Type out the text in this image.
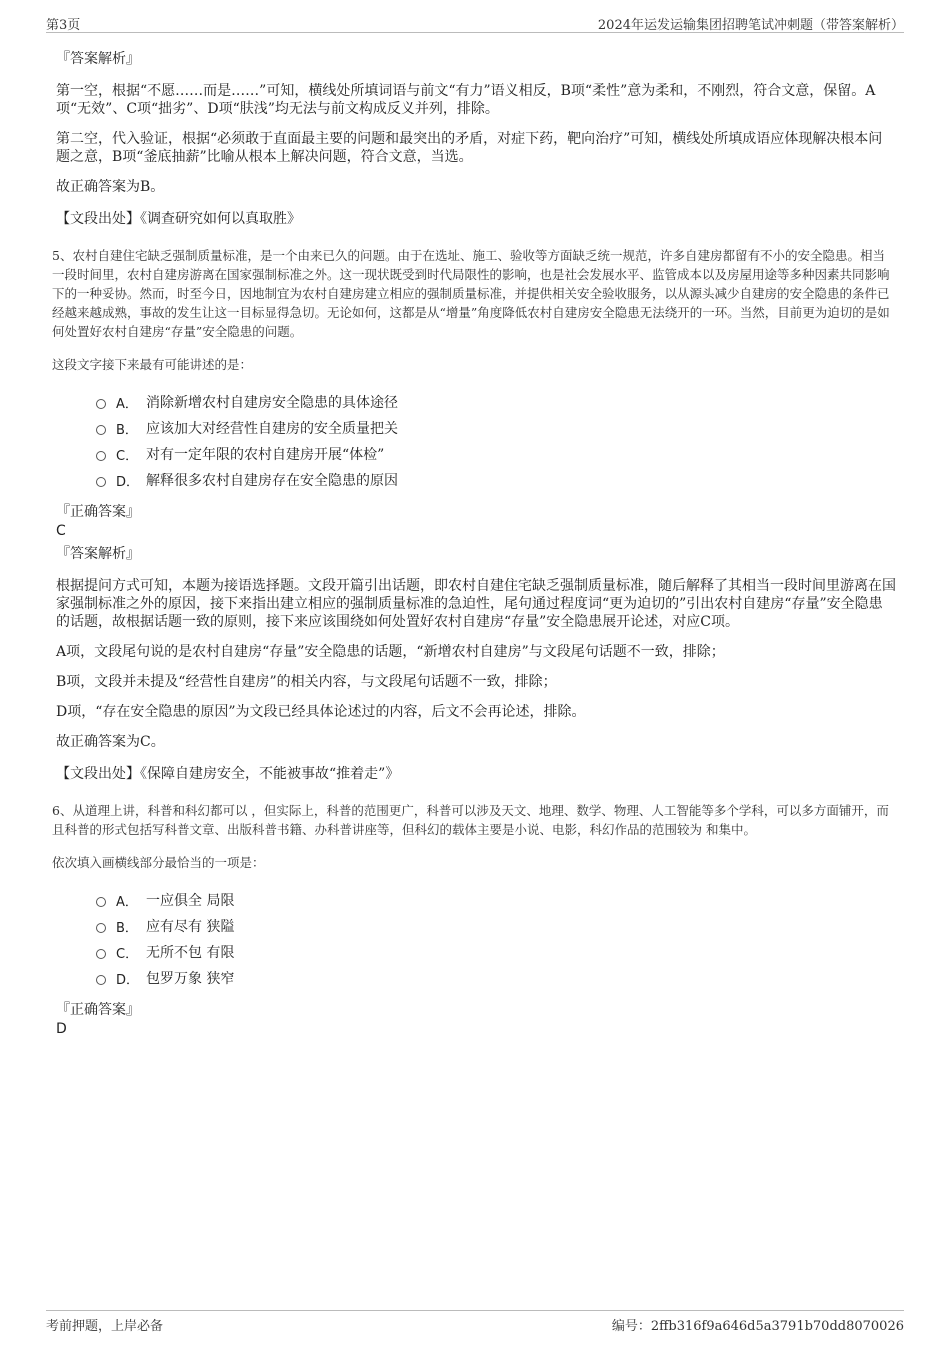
第3页	2024年运发运输集团招聘笔试冲刺题（带答案解析）
『答案解析』

第一空，根据“不愿……而是……”可知，横线处所填词语与前文“有力”语义相反，B项“柔性”意为柔和，不刚烈，符合文意，保留。A项“无效”、C项“拙劣”、D项“肤浅”均无法与前文构成反义并列，排除。

第二空，代入验证，根据“必须敢于直面最主要的问题和最突出的矛盾，对症下药，靶向治疗”可知，横线处所填成语应体现解决根本问题之意，B项“釜底抽薪”比喻从根本上解决问题，符合文意，当选。

故正确答案为B。

【文段出处】《调查研究如何以真取胜》
5、农村自建住宅缺乏强制质量标准，是一个由来已久的问题。由于在选址、施工、验收等方面缺乏统一规范，许多自建房都留有不小的安全隐患。相当一段时间里，农村自建房游离在国家强制标准之外。这一现状既受到时代局限性的影响，也是社会发展水平、监管成本以及房屋用途等多种因素共同影响下的一种妥协。然而，时至今日，因地制宜为农村自建房建立相应的强制质量标准，并提供相关安全验收服务，以从源头减少自建房的安全隐患的条件已经越来越成熟，事故的发生让这一目标显得急切。无论如何，这都是从“增量”角度降低农村自建房安全隐患无法绕开的一环。当然，目前更为迫切的是如何处置好农村自建房“存量”安全隐患的问题。
这段文字接下来最有可能讲述的是：
A． 消除新增农村自建房安全隐患的具体途径
B． 应该加大对经营性自建房的安全质量把关
C． 对有一定年限的农村自建房开展“体检”
D． 解释很多农村自建房存在安全隐患的原因
『正确答案』
C
『答案解析』

根据提问方式可知，本题为接语选择题。文段开篇引出话题，即农村自建住宅缺乏强制质量标准，随后解释了其相当一段时间里游离在国家强制标准之外的原因，接下来指出建立相应的强制质量标准的急迫性，尾句通过程度词“更为迫切的”引出农村自建房“存量”安全隐患的话题，故根据话题一致的原则，接下来应该围绕如何处置好农村自建房“存量”安全隐患展开论述，对应C项。

A项，文段尾句说的是农村自建房“存量”安全隐患的话题，“新增农村自建房”与文段尾句话题不一致，排除；

B项，文段并未提及“经营性自建房”的相关内容，与文段尾句话题不一致，排除；

D项，“存在安全隐患的原因”为文段已经具体论述过的内容，后文不会再论述，排除。

故正确答案为C。

【文段出处】《保障自建房安全，不能被事故“推着走”》
6、从道理上讲，科普和科幻都可以 ，但实际上，科普的范围更广，科普可以涉及天文、地理、数学、物理、人工智能等多个学科，可以多方面铺开，而且科普的形式包括写科普文章、出版科普书籍、办科普讲座等，但科幻的载体主要是小说、电影，科幻作品的范围较为 和集中。
依次填入画横线部分最恰当的一项是：
A． 一应俱全 局限
B． 应有尽有 狭隘
C． 无所不包 有限
D． 包罗万象 狭窄
『正确答案』
D
考前押题，上岸必备	编号：2ffb316f9a646d5a3791b70dd8070026
